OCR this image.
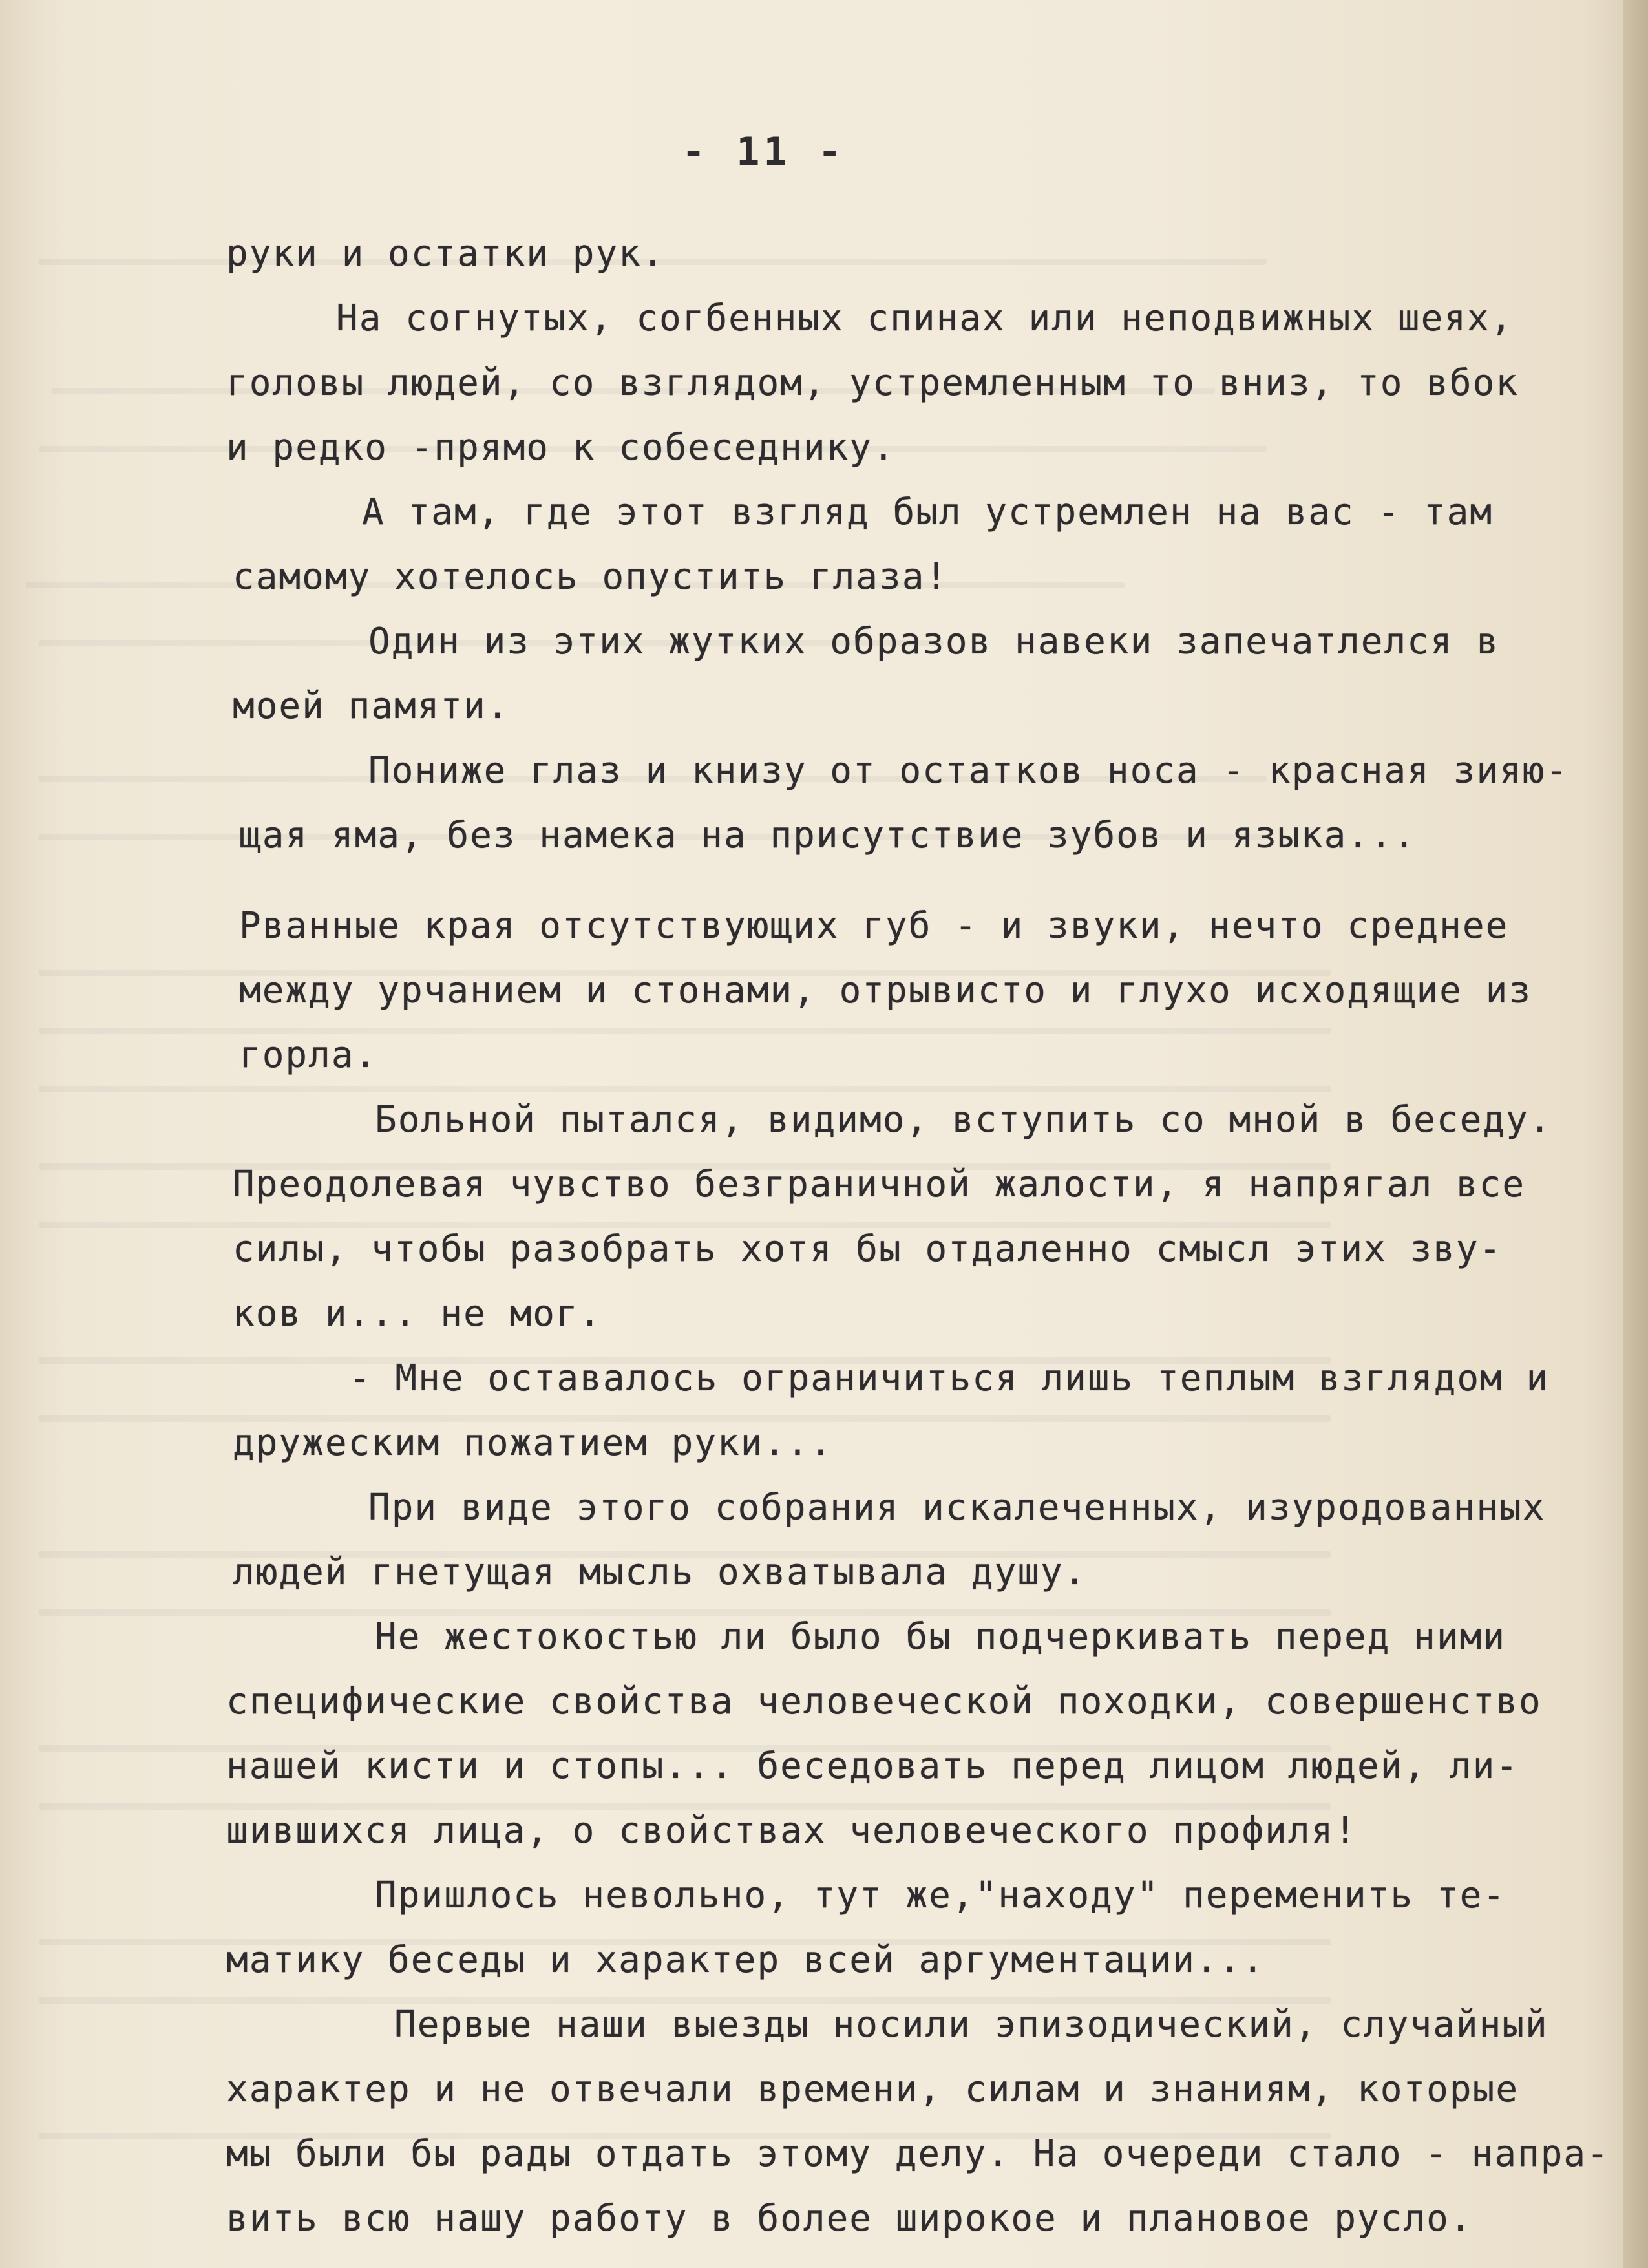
- 11 -
руки и остатки рук.
На согнутых, согбенных спинах или неподвижных шеях,
головы людей, со взглядом, устремленным то вниз, то вбок
и редко -прямо к собеседнику.
А там, где этот взгляд был устремлен на вас - там
самому хотелось опустить глаза!
Один из этих жутких образов навеки запечатлелся в
моей памяти.
Пониже глаз и книзу от остатков носа - красная зияю-
щая яма, без намека на присутствие зубов и языка...
Рванные края отсутствующих губ - и звуки, нечто среднее
между урчанием и стонами, отрывисто и глухо исходящие из
горла.
Больной пытался, видимо, вступить со мной в беседу.
Преодолевая чувство безграничной жалости, я напрягал все
силы, чтобы разобрать хотя бы отдаленно смысл этих зву-
ков и... не мог.
- Мне оставалось ограничиться лишь теплым взглядом и
дружеским пожатием руки...
При виде этого собрания искалеченных, изуродованных
людей гнетущая мысль охватывала душу.
Не жестокостью ли было бы подчеркивать перед ними
специфические свойства человеческой походки, совершенство
нашей кисти и стопы... беседовать перед лицом людей, ли-
шившихся лица, о свойствах человеческого профиля!
Пришлось невольно, тут же,"находу" переменить те-
матику беседы и характер всей аргументации...
Первые наши выезды носили эпизодический, случайный
характер и не отвечали времени, силам и знаниям, которые
мы были бы рады отдать этому делу. На очереди стало - напра-
вить всю нашу работу в более широкое и плановое русло.
